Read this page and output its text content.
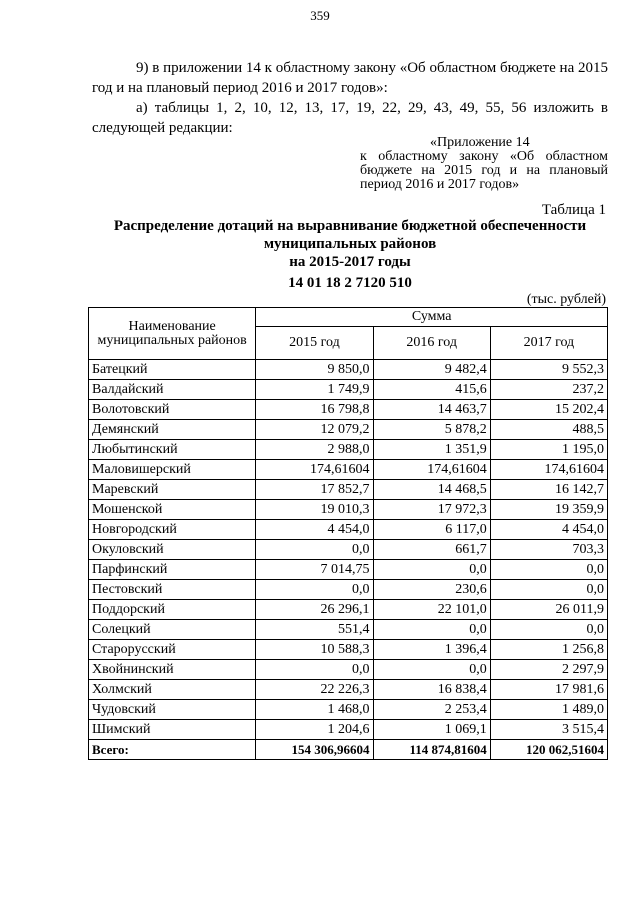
359
9) в приложении 14 к областному закону «Об областном бюджете на 2015 год и на плановый период 2016 и 2017 годов»:
а) таблицы 1, 2, 10, 12, 13, 17, 19, 22, 29, 43, 49, 55, 56 изложить в следующей редакции:
«Приложение 14
к областному закону «Об областном бюджете на 2015 год и на плановый период 2016 и 2017 годов»
Таблица 1
Распределение дотаций на выравнивание бюджетной обеспеченности
муниципальных районов
на 2015-2017 годы
14 01 18 2 7120 510
(тыс. рублей)
Наименование муниципальных районов	Сумма		
	2015 год	2016 год	2017 год
Батецкий	9 850,0	9 482,4	9 552,3
Валдайский	1 749,9	415,6	237,2
Волотовский	16 798,8	14 463,7	15 202,4
Демянский	12 079,2	5 878,2	488,5
Любытинский	2 988,0	1 351,9	1 195,0
Маловишерский	174,61604	174,61604	174,61604
Маревский	17 852,7	14 468,5	16 142,7
Мошенской	19 010,3	17 972,3	19 359,9
Новгородский	4 454,0	6 117,0	4 454,0
Окуловский	0,0	661,7	703,3
Парфинский	7 014,75	0,0	0,0
Пестовский	0,0	230,6	0,0
Поддорский	26 296,1	22 101,0	26 011,9
Солецкий	551,4	0,0	0,0
Старорусский	10 588,3	1 396,4	1 256,8
Хвойнинский	0,0	0,0	2 297,9
Холмский	22 226,3	16 838,4	17 981,6
Чудовский	1 468,0	2 253,4	1 489,0
Шимский	1 204,6	1 069,1	3 515,4
Всего:	154 306,96604	114 874,81604	120 062,51604
